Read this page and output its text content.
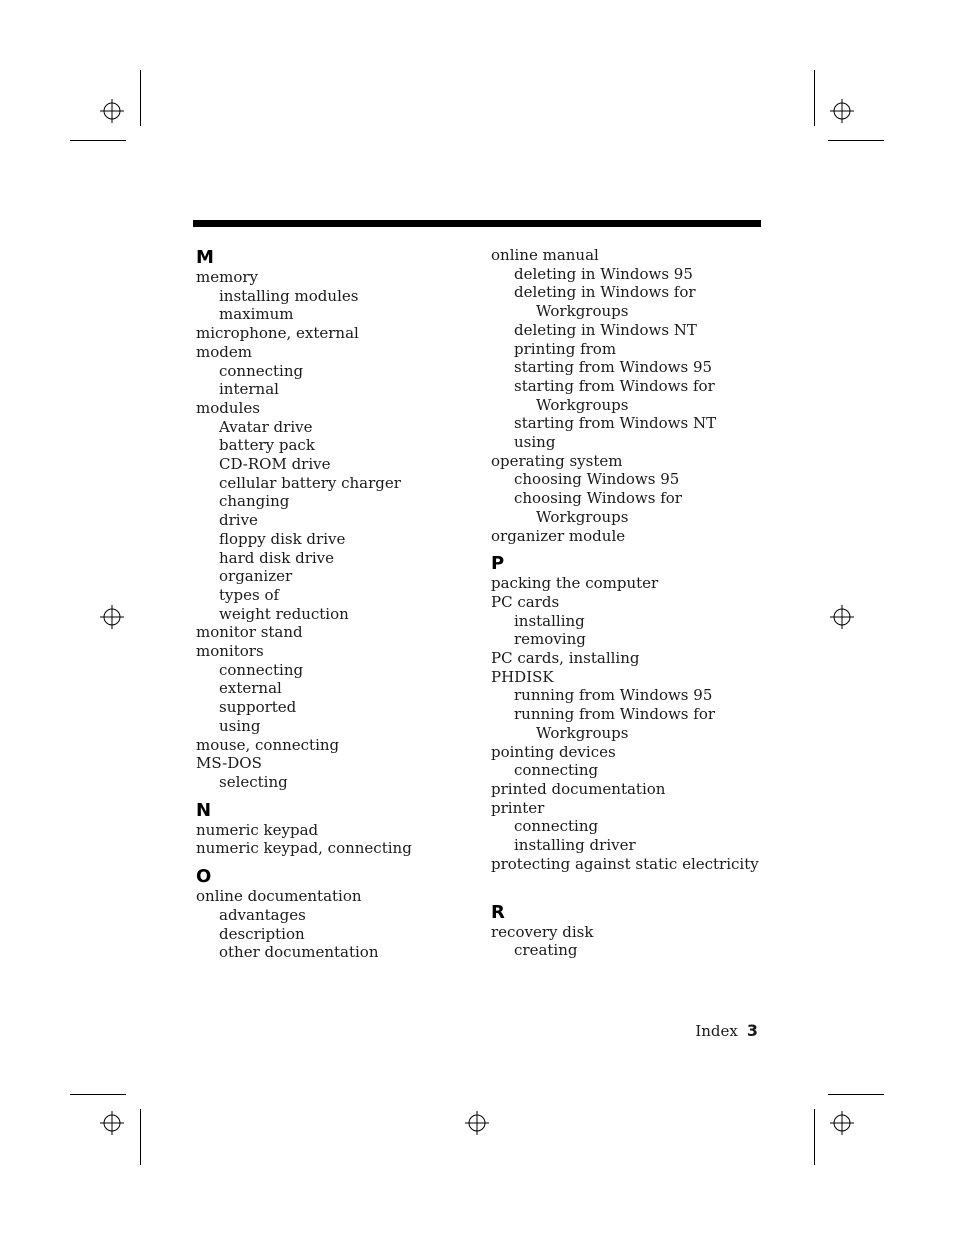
M
memory
installing modules
maximum
microphone, external
modem
connecting
internal
modules
Avatar drive
battery pack
CD-ROM drive
cellular battery charger
changing
drive
floppy disk drive
hard disk drive
organizer
types of
weight reduction
monitor stand
monitors
connecting
external
supported
using
mouse, connecting
MS-DOS
selecting
N
numeric keypad
numeric keypad, connecting
O
online documentation
advantages
description
other documentation
online manual
deleting in Windows 95
deleting in Windows for
Workgroups
deleting in Windows NT
printing from
starting from Windows 95
starting from Windows for
Workgroups
starting from Windows NT
using
operating system
choosing Windows 95
choosing Windows for
Workgroups
organizer module
P
packing the computer
PC cards
installing
removing
PC cards, installing
PHDISK
running from Windows 95
running from Windows for
Workgroups
pointing devices
connecting
printed documentation
printer
connecting
installing driver
protecting against static electricity
R
recovery disk
creating
Index 3
